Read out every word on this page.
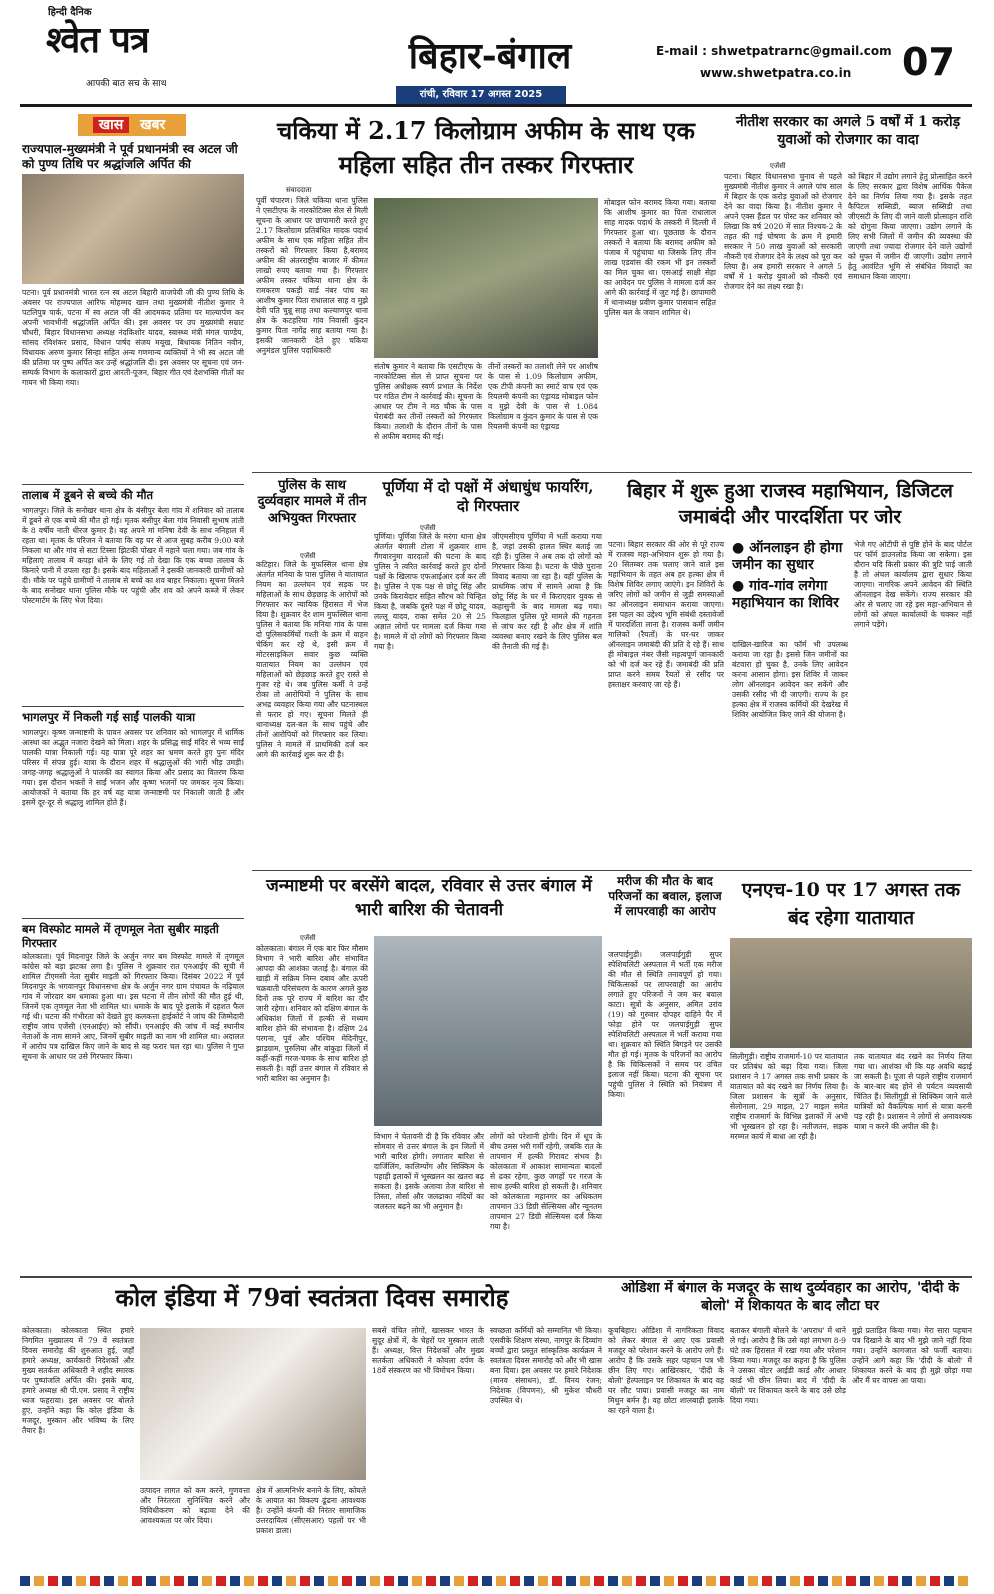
हिन्दी दैनिक
श्वेत पत्र
आपकी बात सच के साथ
बिहार-बंगाल
रांची, रविवार 17 अगस्त 2025
E-mail : shwetpatrarnc@gmail.com
www.shwetpatra.co.in 07
खास खबर
राज्यपाल-मुख्यमंत्री ने पूर्व प्रधानमंत्री स्व अटल जी को पुण्य तिथि पर श्रद्धांजलि अर्पित की
पटना। पूर्व प्रधानमंत्री भारत रत्न स्व अटल बिहारी वाजपेयी जी की पुण्य तिथि के अवसर पर राज्यपाल आरिफ मोहम्मद खान तथा मुख्यमंत्री नीतीश कुमार ने पटलिपुत्र पार्क, पटना में स्व अटल जी की आदमकद प्रतिमा पर माल्यार्पण कर अपनी भावभीनी श्रद्धांजलि अर्पित की। इस अवसर पर उप मुख्यमंत्री सम्राट चौधरी, बिहार विधानसभा अध्यक्ष नंदकिशोर यादव, स्वास्थ्य मंत्री मंगल पाण्डेय, सांसद रविशंकर प्रसाद, विधान पार्षद संजय मयूख, बिधायक नितिन नवीन, विधायक अरुण कुमार सिन्हा सहित अन्य गणमान्य व्यक्तियों ने भी स्व अटल जी की प्रतिमा पर पुष्प अर्पित कर उन्हें श्रद्धांजलि दी। इस अवसर पर सूचना एवं जन-सम्पर्क विभाग के कलाकारों द्वारा आरती-पूजन, बिहार गीत एवं देशभक्ति गीतों का गायन भी किया गया।
तालाब में डूबने से बच्चे की मौत
भागलपुर। जिले के सनोखर थाना क्षेत्र के बंसीपुर बेला गांव में शनिवार को तालाब में डूबने से एक बच्चे की मौत हो गई। मृतक बंसीपुर बेला गांव निवासी सुभाष तांती के 8 वर्षीय नाती धीरज कुमार है। वह अपने मां मनिषा देवी के साथ ननिहाल में रहता था। मृतक के परिजन ने बताया कि वह घर से आज सुबह करीब 9:00 बजे निकला था और गांव से सटा टिस्सा झिटकी पोखर में नहाने चला गया। जब गांव के महिलाएं तालाब में कपड़ा धोने के लिए गई तो देखा कि एक बच्चा तालाब के किनारे पानी में उपला रहा है। इसके बाद महिलाओं ने इसकी जानकारी ग्रामीणों को दी। मौके पर पहुंचे ग्रामीणों ने तालाब से बच्चे का शव बाहर निकाला। सूचना मिलने के बाद सनोखर थाना पुलिस मौके पर पहुंची और शव को अपने कब्जे में लेकर पोस्टमार्टम के लिए भेज दिया।
भागलपुर में निकली गई साईं पालकी यात्रा
भागलपुर। कृष्ण जन्माष्टमी के पावन अवसर पर शनिवार को भागलपुर में धार्मिक आस्था का अद्भुत नजारा देखने को मिला। शहर के प्रसिद्ध साईं मंदिर से भव्य साईं पालकी यात्रा निकाली गई। यह यात्रा पूरे शहर का भ्रमण करते हुए पुनः मंदिर परिसर में संपन्न हुई। यात्रा के दौरान शहर में श्रद्धालुओं की भारी भीड़ उमड़ी। जगह-जगह श्रद्धालुओं ने पालकी का स्वागत किया और प्रसाद का वितरण किया गया। इस दौरान भक्तों ने साईं भजन और कृष्ण भजनों पर जमकर नृत्य किया। आयोजकों ने बताया कि हर वर्ष यह यात्रा जन्माष्टमी पर निकाली जाती है और इसमें दूर-दूर से श्रद्धालु शामिल होते हैं।
बम विस्फोट मामले में तृणमूल नेता सुबीर माइती गिरफ्तार
कोलकाता। पूर्व मिदनापुर जिले के अर्जुन नगर बम विस्फोट मामले में तृणमूल कांग्रेस को बड़ा झटका लगा है। पुलिस ने शुक्रवार रात एनआईए की सूची में शामिल टीएमसी नेता सुबीर माइती को गिरफ्तार किया। दिसंबर 2022 में पूर्व मिदनापुर के भगवानपुर विधानसभा क्षेत्र के अर्जुन नगर ग्राम पंचायत के नढ़ियाल गांव में जोरदार बम धमाका हुआ था। इस घटना में तीन लोगों की मौत हुई थी, जिनमें एक तृणमूल नेता भी शामिल था। धमाके के बाद पूरे इलाके में दहशत फैल गई थी। घटना की गंभीरता को देखते हुए कलकत्ता हाईकोर्ट ने जांच की जिम्मेदारी राष्ट्रीय जांच एजेंसी (एनआईए) को सौंपी। एनआईए की जांच में कई स्थानीय नेताओं के नाम सामने आए, जिनमें सुबीर माइती का नाम भी शामिल था। अदालत में आरोप पत्र दाखिल किए जाने के बाद से वह फरार चल रहा था। पुलिस ने गुप्त सूचना के आधार पर उसे गिरफ्तार किया।
चकिया में 2.17 किलोग्राम अफीम के साथ एक महिला सहित तीन तस्कर गिरफ्तार
संवाददाता
पूर्वी चंपारण। जिले चकिया थाना पुलिस ने एसटीएफ के नारकोटिक्स सेल से मिली सूचना के आधार पर छापामारी करते हुए 2.17 किलोग्राम प्रतिबंधित मादक पदार्थ अफीम के साथ एक महिला सहित तीन तस्करों को गिरफ्तार किया है,बरामद अफीम की अंतरराष्ट्रीय बाजार में कीमत लाखो रुपए बताया गया है। गिरफ्तार अफीम तस्कर चकिया थाना क्षेत्र के रामकरण पकड़ी वार्ड नंबर पांच का आशीष कुमार पिता राधालाल साह व मुझे देवी पति चुन्नू साह तथा कल्याणपुर थाना क्षेत्र के कटहरिया गांव निवासी कुंदन कुमार पिता नागेंद्र साह बताया गया है। इसकी जानकारी देते हुए चकिया अनुमंडल पुलिस पदाधिकारी
संतोष कुमार ने बताया कि एसटीएफ के नारकोटिक्स सेल से प्राप्त सूचना पर पुलिस अधीक्षक स्वर्ण प्रभात के निर्देश पर गठित टीम ने कार्रवाई की। सूचना के आधार पर टीम ने मठ चौक के पास घेराबंदी कर तीनों तस्करों को गिरफ्तार किया। तलाशी के दौरान तीनों के पास से अफीम बरामद की गई।
तीनों तस्करों का तलाशी लेने पर आशीष के पास से 1.09 किलोग्राम अफीम, एक टीपी कंपनी का स्मार्ट वाच एवं एक रियलमी कंपनी का एंड्रायड मोबाइल फोन व मुझे देवी के पास से 1.084 किलोग्राम व कुंदन कुमार के पास से एक रियलमी कंपनी का एंड्रायड
मोबाइल फोन बरामद किया गया। बताया कि आशीष कुमार का पिता राधालाल साह मादक पदार्थ के तस्करी में दिल्ली में गिरफ्तार हुआ था। पूछताछ के दौरान तस्करों ने बताया कि बरामद अफीम को पंजाब में पहुंचाया था जिसके लिए तीन लाख एडवांस की रकम भी इन तस्करों का मिल चुका था। एसआई साक्षी सेहा का आवेदन पर पुलिस ने मामला दर्ज कर आगे की कार्रवाई में जुट गई है। छापामारी में थानाध्यक्ष प्रवीण कुमार पासवान सहित पुलिस बल के जवान शामिल थे।
नीतीश सरकार का अगले 5 वर्षों में 1 करोड़ युवाओं को रोजगार का वादा
एजेंसी
पटना। बिहार विधानसभा चुनाव से पहले मुख्यमंत्री नीतीश कुमार ने अगले पांच साल में बिहार के एक करोड़ युवाओं को रोजगार देने का वादा किया है। नीतीश कुमार ने अपने एक्स हैंडल पर पोस्ट कर शनिवार को लिखा कि वर्ष 2020 में सात निश्चय-2 के तहत की गई घोषणा के क्रम में हमारी सरकार ने 50 लाख युवाओं को सरकारी नौकरी एवं रोजगार देने के लक्ष्य को पूरा कर लिया है। अब हमारी सरकार ने अगले 5 वर्षों में 1 करोड़ युवाओं को नौकरी एवं रोजगार देने का लक्ष्य रखा है।
को बिहार में उद्योग लगाने हेतु प्रोत्साहित करने के लिए सरकार द्वारा विशेष आर्थिक पैकेज देने का निर्णय लिया गया है। इसके तहत कैपिटल सब्सिडी, ब्याज सब्सिडी तथा जीएसटी के लिए दी जाने वाली प्रोत्साहन राशि को दोगुना किया जाएगा। उद्योग लगाने के लिए सभी जिलों में जमीन की व्यवस्था की जाएगी तथा ज्यादा रोजगार देने वाले उद्योगों को मुफ्त में जमीन दी जाएगी। उद्योग लगाने हेतु आवंटित भूमि से संबंधित विवादों का समाधान किया जाएगा।
पुलिस के साथ दुर्व्यवहार मामले में तीन अभियुक्त गिरफ्तार
एजेंसी
कटिहार। जिले के मुफस्सिल थाना क्षेत्र अंतर्गत मनिया के पास पुलिस ने यातायात नियम का उल्लंघन एवं सड़क पर महिलाओं के साथ छेड़छाड़ के आरोपों को गिरफ्तार कर न्यायिक हिरासत में भेज दिया है। शुक्रवार देर शाम मुफस्सिल थाना पुलिस ने बताया कि मनिया गांव के पास दो पुलिसकर्मियों गश्ती के क्रम में वाहन चेकिंग कर रहे थे, इसी क्रम में मोटरसाइकिल सवार कुछ व्यक्ति यातायात नियम का उल्लंघन एवं महिलाओं को छेड़छाड़ करते हुए रास्ते से गुजर रहे थे। जब पुलिस कर्मी ने उन्हें रोका तो आरोपियों ने पुलिस के साथ अभद्र व्यवहार किया गया और घटनास्थल से फरार हो गए। सूचना मिलते ही थानाध्यक्ष दल-बल के साथ पहुंचे और तीनों आरोपियों को गिरफ्तार कर लिया। पुलिस ने मामले में प्राथमिकी दर्ज कर आगे की कार्रवाई शुरू कर दी है।
पूर्णिया में दो पक्षों में अंधाधुंध फायरिंग, दो गिरफ्तार
एजेंसी
पूर्णिया। पूर्णिया जिले के मरंगा थाना क्षेत्र अंतर्गत बंगाली टोला में शुक्रवार शाम गैंगवारनुमा वारदातों की घटना के बाद पुलिस ने त्वरित कार्रवाई करते हुए दोनों पक्षों के खिलाफ एफआईआर दर्ज कर ली है। पुलिस ने एक पक्ष से छोटू सिंह और उनके किरायेदार सहित सौरभ को चिन्हित किया है, जबकि दूसरे पक्ष में छोटू यादव, लल्लू यादव, राका समेत 20 से 25 अज्ञात लोगों पर मामला दर्ज किया गया है। मामले में दो लोगों को गिरफ्तार किया गया है।
जीएमसीएच पूर्णिया में भर्ती कराया गया है, जहां उसकी हालत स्थिर बताई जा रही है। पुलिस ने अब तक दो लोगों को गिरफ्तार किया है। घटना के पीछे पुराना विवाद बताया जा रहा है। वहीं पुलिस के प्राथमिक जांच में सामने आया है कि छोटू सिंह के घर में किराएदार युवक से कहासुनी के बाद मामला बढ़ गया। फिलहाल पुलिस पूरे मामले की गहनता से जांच कर रही है और क्षेत्र में शांति व्यवस्था बनाए रखने के लिए पुलिस बल की तैनाती की गई है।
बिहार में शुरू हुआ राजस्व महाभियान, डिजिटल जमाबंदी और पारदर्शिता पर जोर
पटना। बिहार सरकार की ओर से पूरे राज्य में राजस्व महा-अभियान शुरू हो गया है। 20 सितम्बर तक चलाए जाने वाले इस महाभियान के तहत अब हर हल्का क्षेत्र में विशेष शिविर लगाए जाएंगे। इन शिविरों के जरिए लोगों को जमीन से जुड़ी समस्याओं का ऑनलाइन समाधान कराया जाएगा। इस पहल का उद्देश्य भूमि संबंधी दस्तावेजों में पारदर्शिता लाना है। राजस्व कर्मी जमीन मालिकों (रैयतों) के घर-घर जाकर ऑनलाइन जमाबंदी की प्रति दे रहे हैं। साथ ही मोबाइल नंबर जैसी महत्वपूर्ण जानकारी को भी दर्ज कर रहे हैं। जमाबंदी की प्रति प्राप्त करने समय रैयतों से रसीद पर हस्ताक्षर करवाए जा रहे हैं।
● ऑनलाइन ही होगा जमीन का सुधार
● गांव-गांव लगेगा महाभियान का शिविर
दाखिल-खारिज का फॉर्म भी उपलब्ध कराया जा रहा है। इससे जिन जमीनों का बंटवारा हो चुका है, उनके लिए आवेदन करना आसान होगा। इस शिविर में जाकर लोग ऑनलाइन आवेदन कर सकेंगे और उसकी रसीद भी दी जाएगी। राज्य के हर हल्का क्षेत्र में राजस्व कर्मियों की देखरेख में शिविर आयोजित किए जाने की योजना है।
भेजे गए ओटीपी से पुष्टि होने के बाद पोर्टल पर फॉर्म डाउनलोड किया जा सकेगा। इस दौरान यदि किसी प्रकार की त्रुटि पाई जाती है तो अंचल कार्यालय द्वारा सुधार किया जाएगा। नागरिक अपने आवेदन की स्थिति ऑनलाइन देख सकेंगे। राज्य सरकार की ओर से चलाए जा रहे इस महा-अभियान से लोगों को अंचल कार्यालयों के चक्कर नहीं लगाने पड़ेंगे।
जन्माष्टमी पर बरसेंगे बादल, रविवार से उत्तर बंगाल में भारी बारिश की चेतावनी
एजेंसी
कोलकाता। बंगाल में एक बार फिर मौसम विभाग ने भारी बारिश और संभावित आपदा की आशंका जताई है। बंगाल की खाड़ी में सक्रिय निम्न दबाव और ऊपरी चक्रवाती परिसंचरण के कारण अगले कुछ दिनों तक पूरे राज्य में बारिश का दौर जारी रहेगा। शनिवार को दक्षिण बंगाल के अधिकांश जिलों में हल्की से मध्यम बारिश होने की संभावना है। दक्षिण 24 परगना, पूर्व और पश्चिम मेदिनीपुर, झाड़ग्राम, पुरुलिया और बांकुड़ा जिलों में कहीं-कहीं गरज-चमक के साथ बारिश हो सकती है। वहीं उत्तर बंगाल में रविवार से भारी बारिश का अनुमान है।
विभाग ने चेतावनी दी है कि रविवार और सोमवार से उत्तर बंगाल के इन जिलों में भारी बारिश होगी। लगातार बारिश से दार्जिलिंग, कालिम्पोंग और सिक्किम के पहाड़ी इलाकों में भूस्खलन का खतरा बढ़ सकता है। इसके अलावा तेज बारिश से तिस्ता, तोर्सा और जलढाका नदियों का जलस्तर बढ़ने का भी अनुमान है।
लोगों को परेशानी होगी। दिन में धूप के बीच उमस भरी गर्मी रहेगी, जबकि रात के तापमान में हल्की गिरावट संभव है। कोलकाता में आकाश सामान्यतः बादलों से ढका रहेगा, कुछ जगहों पर गरज के साथ हल्की बारिश हो सकती है। शनिवार को कोलकाता महानगर का अधिकतम तापमान 33 डिग्री सेल्सियस और न्यूनतम तापमान 27 डिग्री सेल्सियस दर्ज किया गया है।
मरीज की मौत के बाद परिजनों का बवाल, इलाज में लापरवाही का आरोप
जलपाईगुड़ी। जलपाईगुड़ी सुपर स्पेशियलिटी अस्पताल में भर्ती एक मरीज की मौत से स्थिति तनावपूर्ण हो गया। चिकित्सकों पर लापरवाही का आरोप लगाते हुए परिजनों ने जम कर बवाल काटा। सूत्रों के अनुसार, अमित उरांव (19) को गुरुवार दोपहर दाहिने पैर में फोड़ा होने पर जलपाईगुड़ी सुपर स्पेशियलिटी अस्पताल में भर्ती कराया गया था। शुक्रवार को स्थिति बिगड़ने पर उसकी मौत हो गई। मृतक के परिजनों का आरोप है कि चिकित्सकों ने समय पर उचित इलाज नहीं किया। घटना की सूचना पर पहुंची पुलिस ने स्थिति को नियंत्रण में किया।
एनएच-10 पर 17 अगस्त तक बंद रहेगा यातायात
सिलीगुड़ी। राष्ट्रीय राजमार्ग-10 पर यातायात पर प्रतिबंध को बढ़ा दिया गया। जिला प्रशासन ने 17 अगस्त तक सभी प्रकार के यातायात को बंद रखने का निर्णय लिया है। जिला प्रशासन के सूत्रों के अनुसार, सेलोनाला, 29 माइल, 27 माइल समेत राष्ट्रीय राजमार्ग के विभिन्न इलाकों में अभी भी भूस्खलन हो रहा है। नतीजतन, सड़क मरम्मत कार्य में बाधा आ रही है।
तक यातायात बंद रखने का निर्णय लिया गया था। आशंका थी कि यह अवधि बढ़ाई जा सकती है। पूजा से पहले राष्ट्रीय राजमार्ग के बार-बार बंद होने से पर्यटन व्यवसायी चिंतित हैं। सिलीगुड़ी से सिक्किम जाने वाले यात्रियों को वैकल्पिक मार्ग से यात्रा करनी पड़ रही है। प्रशासन ने लोगों से अनावश्यक यात्रा न करने की अपील की है।
कोल इंडिया में 79वां स्वतंत्रता दिवस समारोह
कोलकाता। कोलकाता स्थित हमारे निगमित मुख्यालय में 79 वें स्वतंत्रता दिवस समारोह की शुरुआत हुई, जहाँ हमारे अध्यक्ष, कार्यकारी निदेशकों और मुख्य सतर्कता अधिकारी ने शहीद स्मारक पर पुष्पांजलि अर्पित की। इसके बाद, हमारे अध्यक्ष श्री पी.एम. प्रसाद ने राष्ट्रीय ध्वज फहराया। इस अवसर पर बोलते हुए, उन्होंने कहा कि कोल इंडिया के मजदूर, मुस्कान और भविष्य के लिए तैयार है।
उत्पादन लागत को कम करने, गुणवत्ता और निरंतरता सुनिश्चित करने और विविधीकरण को बढ़ावा देने की आवश्यकता पर जोर दिया।
क्षेत्र में आत्मनिर्भर बनाने के लिए, कोयले के आयात का विकल्प ढूंढना आवश्यक है। उन्होंने कंपनी की निरंतर सामाजिक उत्तरदायित्व (सीएसआर) पहलों पर भी प्रकाश डाला।
सबसे वंचित लोगों, खासकर भारत के सुदूर क्षेत्रों में, के चेहरों पर मुस्कान लाती हैं। अध्यक्ष, वित्त निदेशकों और मुख्य सतर्कता अधिकारी ने कोयला दर्पण के 18वें संस्करण का भी विमोचन किया।
स्वच्छता कर्मियों को सम्मानित भी किया। एसवीके शिक्षण संस्था, नागपुर के दिव्यांग बच्चों द्वारा प्रस्तुत सांस्कृतिक कार्यक्रम ने स्वतंत्रता दिवस समारोह को और भी खास बना दिया। इस अवसर पर हमारे निदेशक (मानव संसाधन), डॉ. विनय रंजन; निदेशक (विपणन), श्री मुकेश चौधरी उपस्थित थे।
ओडिशा में बंगाल के मजदूर के साथ दुर्व्यवहार का आरोप, 'दीदी के बोलो' में शिकायत के बाद लौटा घर
कूचबिहार। ओडिशा में नागरिकता विवाद को लेकर बंगाल से आए एक प्रवासी मजदूर को परेशान करने के आरोप लगे हैं। आरोप है कि उसके सहर पहचान पत्र भी छीन लिए गए। आखिरकार, 'दीदी के बोलो' हेल्पलाइन पर शिकायत के बाद वह घर लौट पाया। प्रवासी मजदूर का नाम मिथुन बर्मन है। वह छोटा शालबाड़ी इलाके का रहने वाला है।
बताकर बंगाली बोलने के 'अपराध' में थाने ले गई। आरोप है कि उसे वहां लगभग 8-9 घंटे तक हिरासत में रखा गया और परेशान किया गया। मजदूर का कहना है कि पुलिस ने उसका वोटर आईडी कार्ड और आधार कार्ड भी छीन लिया। बाद में 'दीदी के बोलो' पर शिकायत करने के बाद उसे छोड़ दिया गया।
मुझे प्रताड़ित किया गया। मेरा सारा पहचान पत्र दिखाने के बाद भी मुझे जाने नहीं दिया गया। उन्होंने कागजात को फर्जी बताया। उन्होंने आगे कहा कि 'दीदी के बोलो' में शिकायत करने के बाद ही मुझे छोड़ा गया और मैं घर वापस आ पाया।
